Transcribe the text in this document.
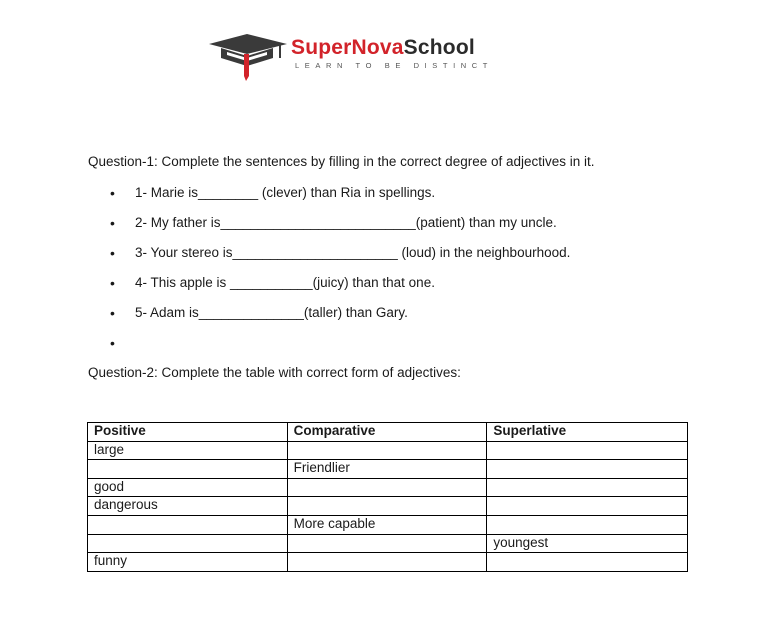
SuperNovaSchool
LEARN TO BE DISTINCT
Question-1: Complete the sentences by filling in the correct degree of adjectives in it.
• 1- Marie is________ (clever) than Ria in spellings.
• 2- My father is__________________________(patient) than my uncle.
• 3- Your stereo is______________________ (loud) in the neighbourhood.
• 4- This apple is ___________(juicy) than that one.
• 5- Adam is______________(taller) than Gary.
•
Question-2: Complete the table with correct form of adjectives:
Positive	Comparative	Superlative
large		
	Friendlier	
good		
dangerous		
	More capable	
		youngest
funny		
